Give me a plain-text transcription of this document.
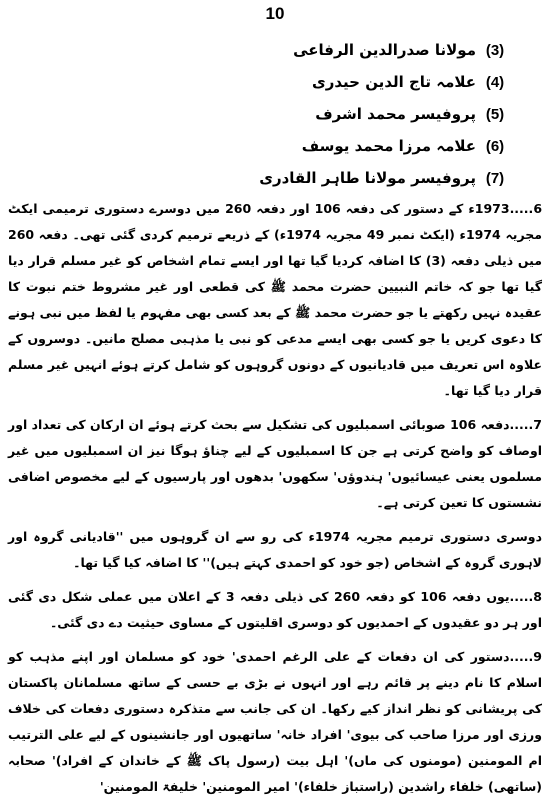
10
(3)مولانا صدرالدین الرفاعی
(4)علامہ تاج الدین حیدری
(5)پروفیسر محمد اشرف
(6)علامہ مرزا محمد یوسف
(7)پروفیسر مولانا طاہر القادری

6.....1973ء کے دستور کی دفعہ 106 اور دفعہ 260 میں دوسرے دستوری ترمیمی ایکٹ مجریہ 1974ء (ایکٹ نمبر 49 مجریہ 1974ء) کے ذریعے ترمیم کردی گئی تھی۔ دفعہ 260 میں ذیلی دفعہ (3) کا اضافہ کردیا گیا تھا اور ایسے تمام اشخاص کو غیر مسلم قرار دیا گیا تھا جو کہ خاتم النبیین حضرت محمد ﷺ کی قطعی اور غیر مشروط ختم نبوت کا عقیدہ نہیں رکھتے یا جو حضرت محمد ﷺ کے بعد کسی بھی مفہوم یا لفظ میں نبی ہونے کا دعوی کریں یا جو کسی بھی ایسے مدعی کو نبی یا مذہبی مصلح مانیں۔ دوسروں کے علاوہ اس تعریف میں قادیانیوں کے دونوں گروہوں کو شامل کرتے ہوئے انہیں غیر مسلم قرار دیا گیا تھا۔

7.....دفعہ 106 صوبائی اسمبلیوں کی تشکیل سے بحث کرتے ہوئے ان ارکان کی تعداد اور اوصاف کو واضح کرتی ہے جن کا اسمبلیوں کے لیے چناؤ ہوگا نیز ان اسمبلیوں میں غیر مسلموں یعنی عیسائیوں' ہندوؤں' سکھوں' بدھوں اور پارسیوں کے لیے مخصوص اضافی نشستوں کا تعین کرتی ہے۔

دوسری دستوری ترمیم مجریہ 1974ء کی رو سے ان گروہوں میں ''قادیانی گروہ اور لاہوری گروہ کے اشخاص (جو خود کو احمدی کہتے ہیں)'' کا اضافہ کیا گیا تھا۔

8.....یوں دفعہ 106 کو دفعہ 260 کی ذیلی دفعہ 3 کے اعلان میں عملی شکل دی گئی اور ہر دو عقیدوں کے احمدیوں کو دوسری اقلیتوں کے مساوی حیثیت دے دی گئی۔

9.....دستور کی ان دفعات کے علی الرغم احمدی' خود کو مسلمان اور اپنے مذہب کو اسلام کا نام دینے پر قائم رہے اور انہوں نے بڑی بے حسی کے ساتھ مسلمانان پاکستان کی پریشانی کو نظر انداز کیے رکھا۔ ان کی جانب سے متذکرہ دستوری دفعات کی خلاف ورزی اور مرزا صاحب کی بیوی' افراد خانہ' ساتھیوں اور جانشینوں کے لیے علی الترتیب ام المومنین (مومنوں کی ماں)' اہل بیت (رسول پاک ﷺ کے خاندان کے افراد)' صحابہ (ساتھی) خلفاء راشدین (راستباز خلفاء)' امیر المومنین' خلیفۃ المومنین'
